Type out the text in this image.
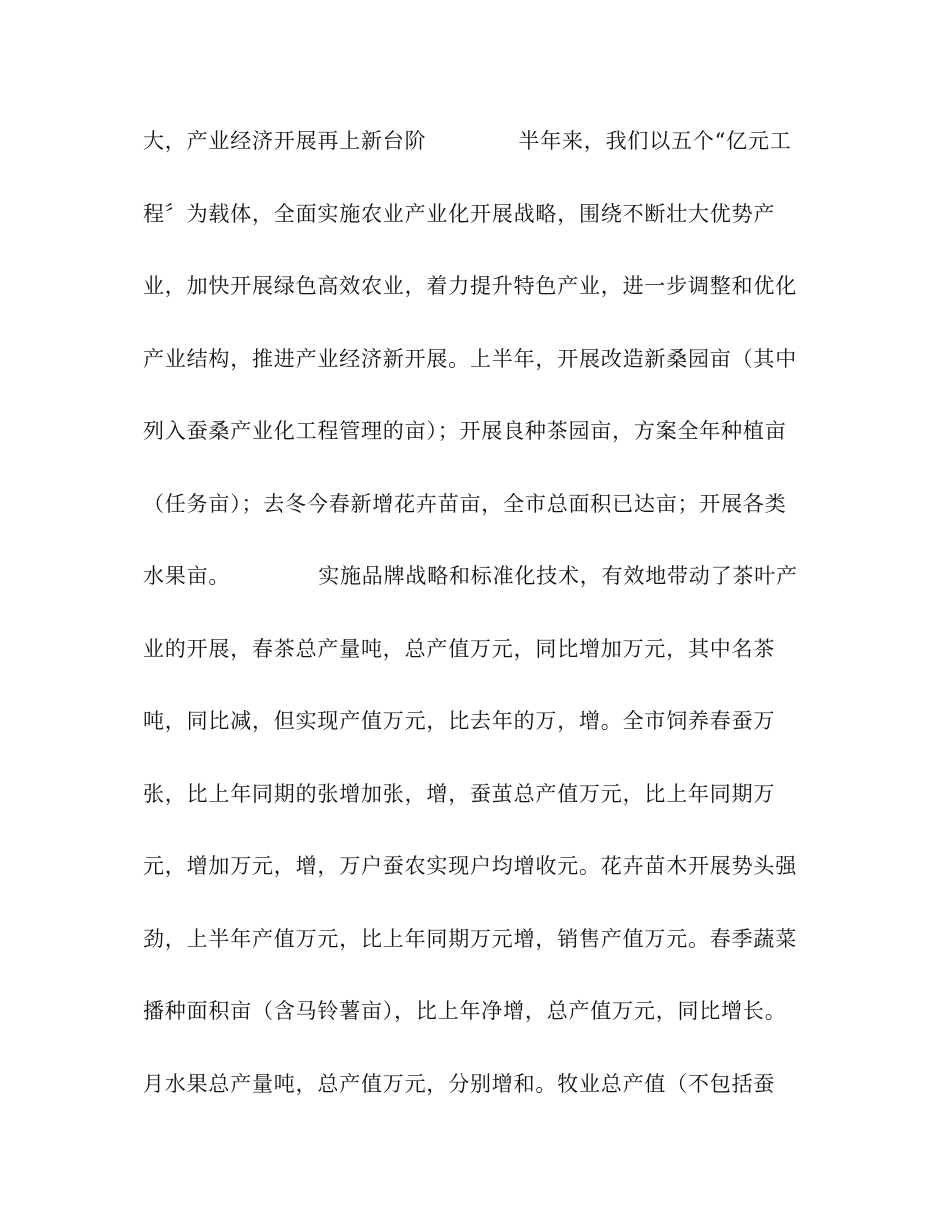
大，产业经济开展再上新台阶	半年来，我们以五个“亿元工
程〞为载体，全面实施农业产业化开展战略，围绕不断壮大优势产
业，加快开展绿色高效农业，着力提升特色产业，进一步调整和优化
产业结构，推进产业经济新开展。上半年，开展改造新桑园亩（其中
列入蚕桑产业化工程管理的亩）；开展良种茶园亩，方案全年种植亩
（任务亩）；去冬今春新增花卉苗亩，全市总面积已达亩；开展各类
水果亩。	实施品牌战略和标准化技术，有效地带动了茶叶产
业的开展，春茶总产量吨，总产值万元，同比增加万元，其中名茶
吨，同比减，但实现产值万元，比去年的万，增。全市饲养春蚕万
张，比上年同期的张增加张，增，蚕茧总产值万元，比上年同期万
元，增加万元，增，万户蚕农实现户均增收元。花卉苗木开展势头强
劲，上半年产值万元，比上年同期万元增，销售产值万元。春季蔬菜
播种面积亩（含马铃薯亩），比上年净增，总产值万元，同比增长。
月水果总产量吨，总产值万元，分别增和。牧业总产值（不包括蚕
